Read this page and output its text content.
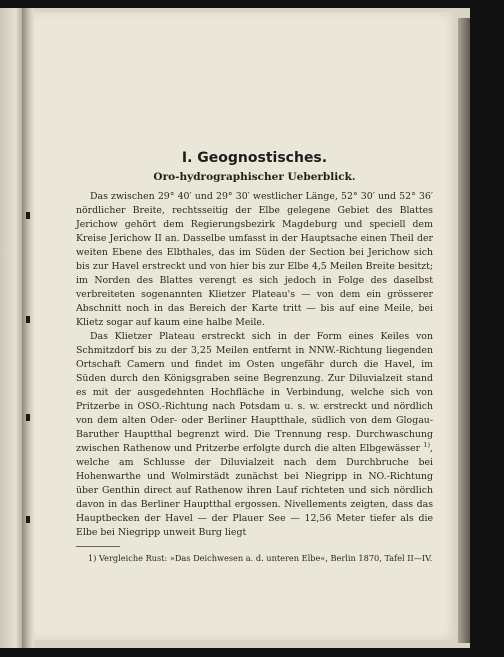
I. Geognostisches.
Oro-hydrographischer Ueberblick.

Das zwischen 29° 40′ und 29° 30′ westlicher Länge, 52° 30′ und 52° 36′ nördlicher Breite, rechtsseitig der Elbe gelegene Gebiet des Blattes Jerichow gehört dem Regierungsbezirk Magdeburg und speciell dem Kreise Jerichow II an. Dasselbe umfasst in der Hauptsache einen Theil der weiten Ebene des Elbthales, das im Süden der Section bei Jerichow sich bis zur Havel erstreckt und von hier bis zur Elbe 4,5 Meilen Breite besitzt; im Norden des Blattes verengt es sich jedoch in Folge des daselbst verbreiteten sogenannten Klietzer Plateau's — von dem ein grösserer Abschnitt noch in das Bereich der Karte tritt — bis auf eine Meile, bei Klietz sogar auf kaum eine halbe Meile.

Das Klietzer Plateau erstreckt sich in der Form eines Keiles von Schmitzdorf bis zu der 3,25 Meilen entfernt in NNW.-Richtung liegenden Ortschaft Camern und findet im Osten ungefähr durch die Havel, im Süden durch den Königsgraben seine Begrenzung. Zur Diluvialzeit stand es mit der ausgedehnten Hochfläche in Verbindung, welche sich von Pritzerbe in OSO.-Richtung nach Potsdam u. s. w. erstreckt und nördlich von dem alten Oder- oder Berliner Hauptthale, südlich von dem Glogau-Baruther Hauptthal begrenzt wird. Die Trennung resp. Durchwaschung zwischen Rathenow und Pritzerbe erfolgte durch die alten Elbgewässer $^{1)}$, welche am Schlusse der Diluvialzeit nach dem Durchbruche bei Hohenwarthe und Wolmirstädt zunächst bei Niegripp in NO.-Richtung über Genthin direct auf Rathenow ihren Lauf richteten und sich nördlich davon in das Berliner Hauptthal ergossen. Nivellements zeigten, dass das Hauptbecken der Havel — der Plauer See — 12,56 Meter tiefer als die Elbe bei Niegripp unweit Burg liegt

1) Vergleiche Rust: »Das Deichwesen a. d. unteren Elbe«, Berlin 1870, Tafel II—IV.
